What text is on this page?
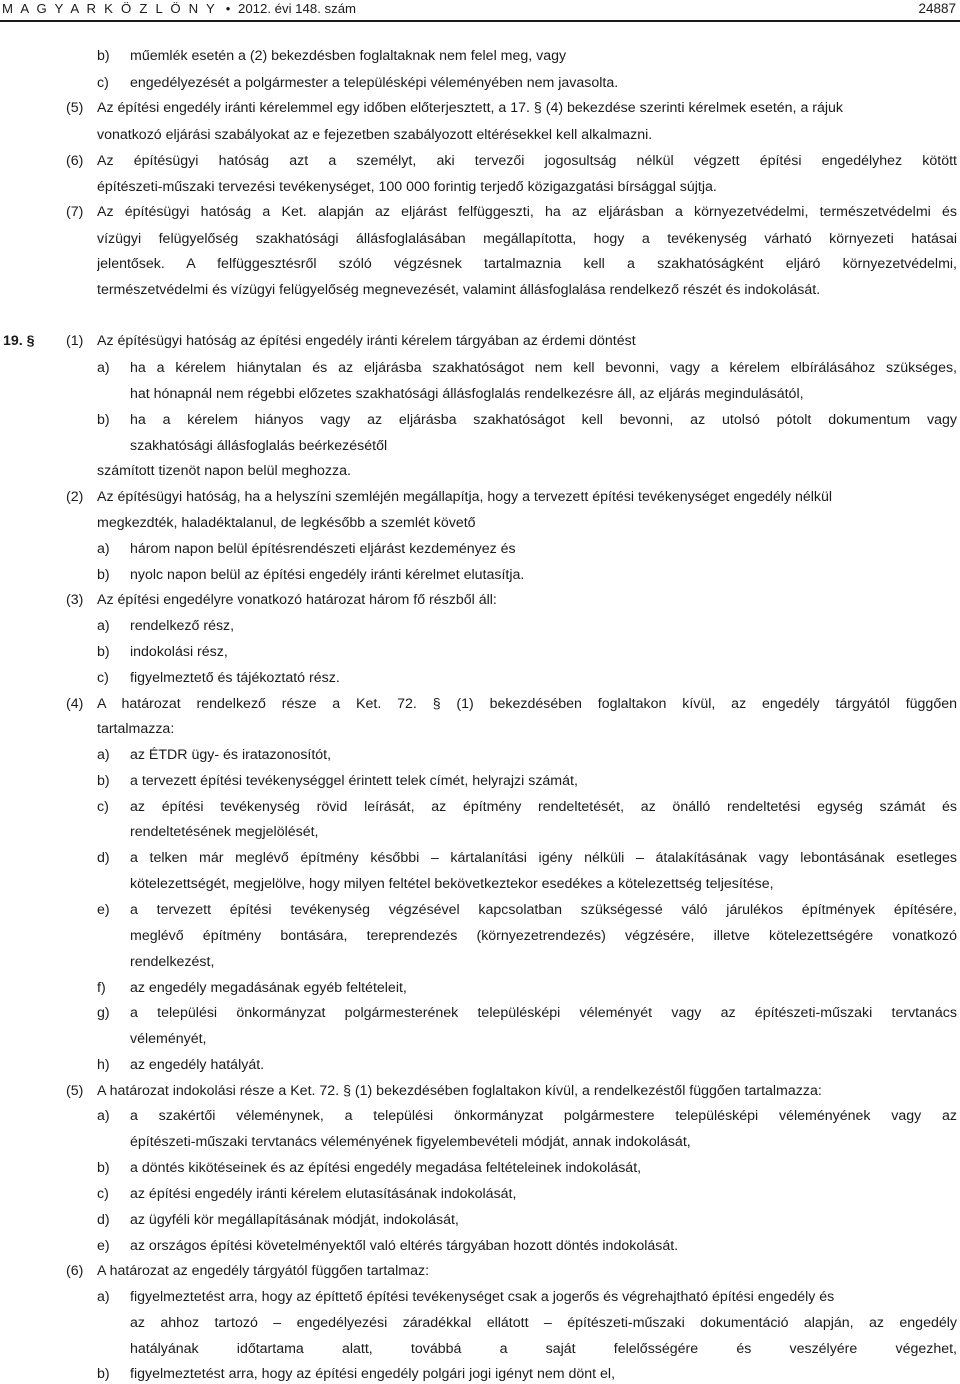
M A G Y A R K Ö Z L Ö N Y • 2012. évi 148. szám	24887
b) műemlék esetén a (2) bekezdésben foglaltaknak nem felel meg, vagy
c) engedélyezését a polgármester a településképi véleményében nem javasolta.
(5) Az építési engedély iránti kérelemmel egy időben előterjesztett, a 17. § (4) bekezdése szerinti kérelmek esetén, a rájuk
vonatkozó eljárási szabályokat az e fejezetben szabályozott eltérésekkel kell alkalmazni.
(6) Az építésügyi hatóság azt a személyt, aki tervezői jogosultság nélkül végzett építési engedélyhez kötött
építészeti-műszaki tervezési tevékenységet, 100 000 forintig terjedő közigazgatási bírsággal sújtja.
(7) Az építésügyi hatóság a Ket. alapján az eljárást felfüggeszti, ha az eljárásban a környezetvédelmi, természetvédelmi és
vízügyi felügyelőség szakhatósági állásfoglalásában megállapította, hogy a tevékenység várható környezeti hatásai
jelentősek. A felfüggesztésről szóló végzésnek tartalmaznia kell a szakhatóságként eljáró környezetvédelmi,
természetvédelmi és vízügyi felügyelőség megnevezését, valamint állásfoglalása rendelkező részét és indokolását.
19. § (1) Az építésügyi hatóság az építési engedély iránti kérelem tárgyában az érdemi döntést
a) ha a kérelem hiánytalan és az eljárásba szakhatóságot nem kell bevonni, vagy a kérelem elbírálásához szükséges,
hat hónapnál nem régebbi előzetes szakhatósági állásfoglalás rendelkezésre áll, az eljárás megindulásától,
b) ha a kérelem hiányos vagy az eljárásba szakhatóságot kell bevonni, az utolsó pótolt dokumentum vagy
szakhatósági állásfoglalás beérkezésétől
számított tizenöt napon belül meghozza.
(2) Az építésügyi hatóság, ha a helyszíni szemléjén megállapítja, hogy a tervezett építési tevékenységet engedély nélkül
megkezdték, haladéktalanul, de legkésőbb a szemlét követő
a) három napon belül építésrendészeti eljárást kezdeményez és
b) nyolc napon belül az építési engedély iránti kérelmet elutasítja.
(3) Az építési engedélyre vonatkozó határozat három fő részből áll:
a) rendelkező rész,
b) indokolási rész,
c) figyelmeztető és tájékoztató rész.
(4) A határozat rendelkező része a Ket. 72. § (1) bekezdésében foglaltakon kívül, az engedély tárgyától függően
tartalmazza:
a) az ÉTDR ügy- és iratazonosítót,
b) a tervezett építési tevékenységgel érintett telek címét, helyrajzi számát,
c) az építési tevékenység rövid leírását, az építmény rendeltetését, az önálló rendeltetési egység számát és
rendeltetésének megjelölését,
d) a telken már meglévő építmény későbbi – kártalanítási igény nélküli – átalakításának vagy lebontásának esetleges
kötelezettségét, megjelölve, hogy milyen feltétel bekövetkeztekor esedékes a kötelezettség teljesítése,
e) a tervezett építési tevékenység végzésével kapcsolatban szükségessé váló járulékos építmények építésére,
meglévő építmény bontására, tereprendezés (környezetrendezés) végzésére, illetve kötelezettségére vonatkozó
rendelkezést,
f) az engedély megadásának egyéb feltételeit,
g) a települési önkormányzat polgármesterének településképi véleményét vagy az építészeti-műszaki tervtanács
véleményét,
h) az engedély hatályát.
(5) A határozat indokolási része a Ket. 72. § (1) bekezdésében foglaltakon kívül, a rendelkezéstől függően tartalmazza:
a) a szakértői véleménynek, a települési önkormányzat polgármestere településképi véleményének vagy az
építészeti-műszaki tervtanács véleményének figyelembevételi módját, annak indokolását,
b) a döntés kikötéseinek és az építési engedély megadása feltételeinek indokolását,
c) az építési engedély iránti kérelem elutasításának indokolását,
d) az ügyféli kör megállapításának módját, indokolását,
e) az országos építési követelményektől való eltérés tárgyában hozott döntés indokolását.
(6) A határozat az engedély tárgyától függően tartalmaz:
a) figyelmeztetést arra, hogy az építtető építési tevékenységet csak a jogerős és végrehajtható építési engedély és
az ahhoz tartozó – engedélyezési záradékkal ellátott – építészeti-műszaki dokumentáció alapján, az engedély
hatályának időtartama alatt, továbbá a saját felelősségére és veszélyére végezhet,
b) figyelmeztetést arra, hogy az építési engedély polgári jogi igényt nem dönt el,
